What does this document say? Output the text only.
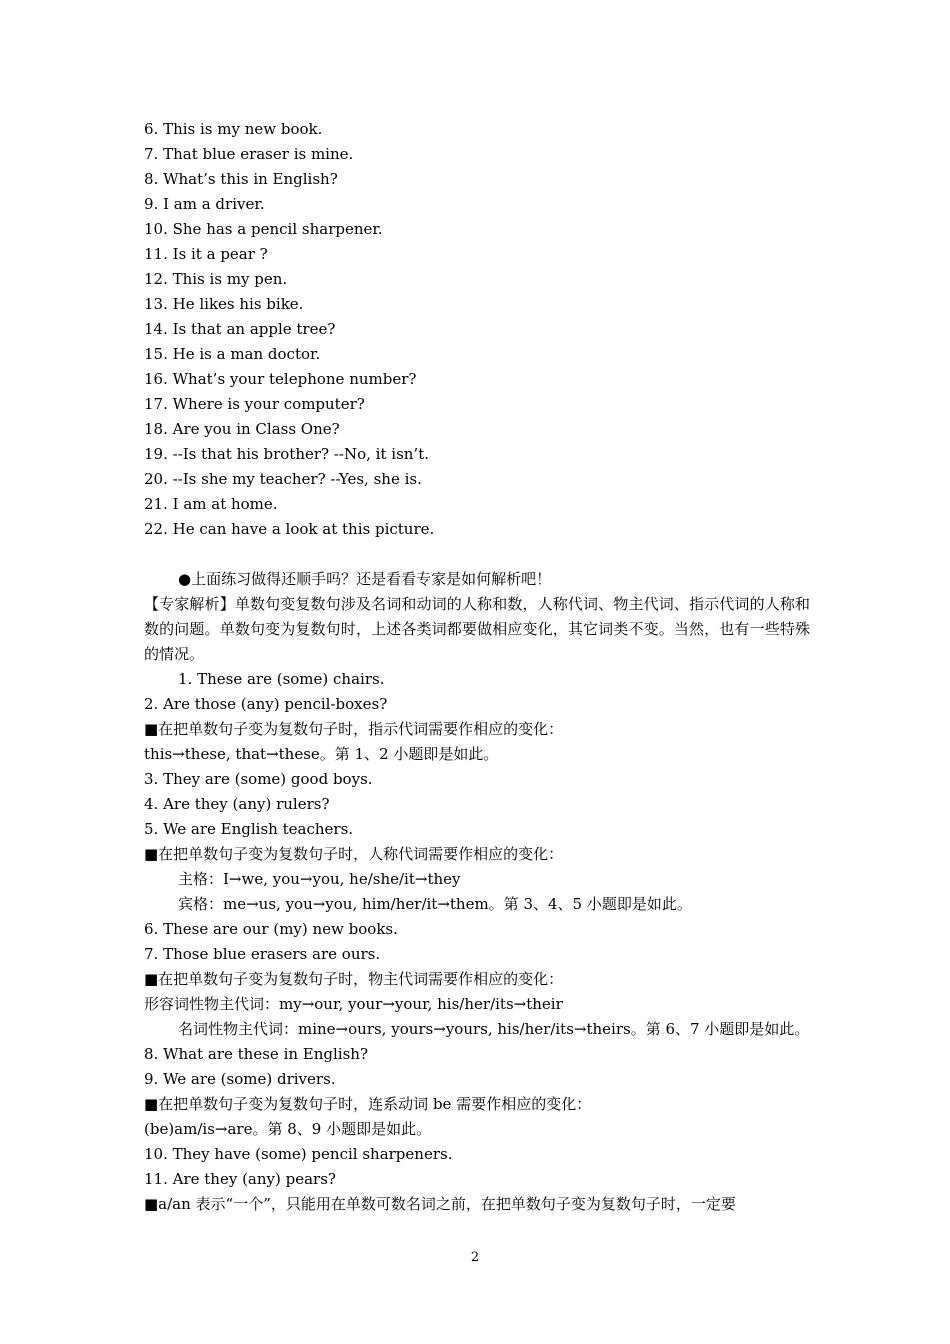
6. This is my new book.
7. That blue eraser is mine.
8. What’s this in English?
9. I am a driver.
10. She has a pencil sharpener.
11. Is it a pear ?
12. This is my pen.
13. He likes his bike.
14. Is that an apple tree?
15. He is a man doctor.
16. What’s your telephone number?
17. Where is your computer?
18. Are you in Class One?
19. --Is that his brother? --No, it isn’t.
20. --Is she my teacher? --Yes, she is.
21. I am at home.
22. He can have a look at this picture.
●上面练习做得还顺手吗？还是看看专家是如何解析吧！
【专家解析】单数句变复数句涉及名词和动词的人称和数，人称代词、物主代词、指示代词的人称和数的问题。单数句变为复数句时，上述各类词都要做相应变化，其它词类不变。当然，也有一些特殊的情况。
1. These are (some) chairs.
2. Are those (any) pencil-boxes?
■在把单数句子变为复数句子时，指示代词需要作相应的变化：
this→these, that→these。第 1、2 小题即是如此。
3. They are (some) good boys.
4. Are they (any) rulers?
5. We are English teachers.
■在把单数句子变为复数句子时，人称代词需要作相应的变化：
主格：I→we, you→you, he/she/it→they
宾格：me→us, you→you, him/her/it→them。第 3、4、5 小题即是如此。
6. These are our (my) new books.
7. Those blue erasers are ours.
■在把单数句子变为复数句子时，物主代词需要作相应的变化：
形容词性物主代词：my→our, your→your, his/her/its→their
名词性物主代词：mine→ours, yours→yours, his/her/its→theirs。第 6、7 小题即是如此。
8. What are these in English?
9. We are (some) drivers.
■在把单数句子变为复数句子时，连系动词 be 需要作相应的变化：
(be)am/is→are。第 8、9 小题即是如此。
10. They have (some) pencil sharpeners.
11. Are they (any) pears?
■a/an 表示“一个”，只能用在单数可数名词之前，在把单数句子变为复数句子时，一定要
2
